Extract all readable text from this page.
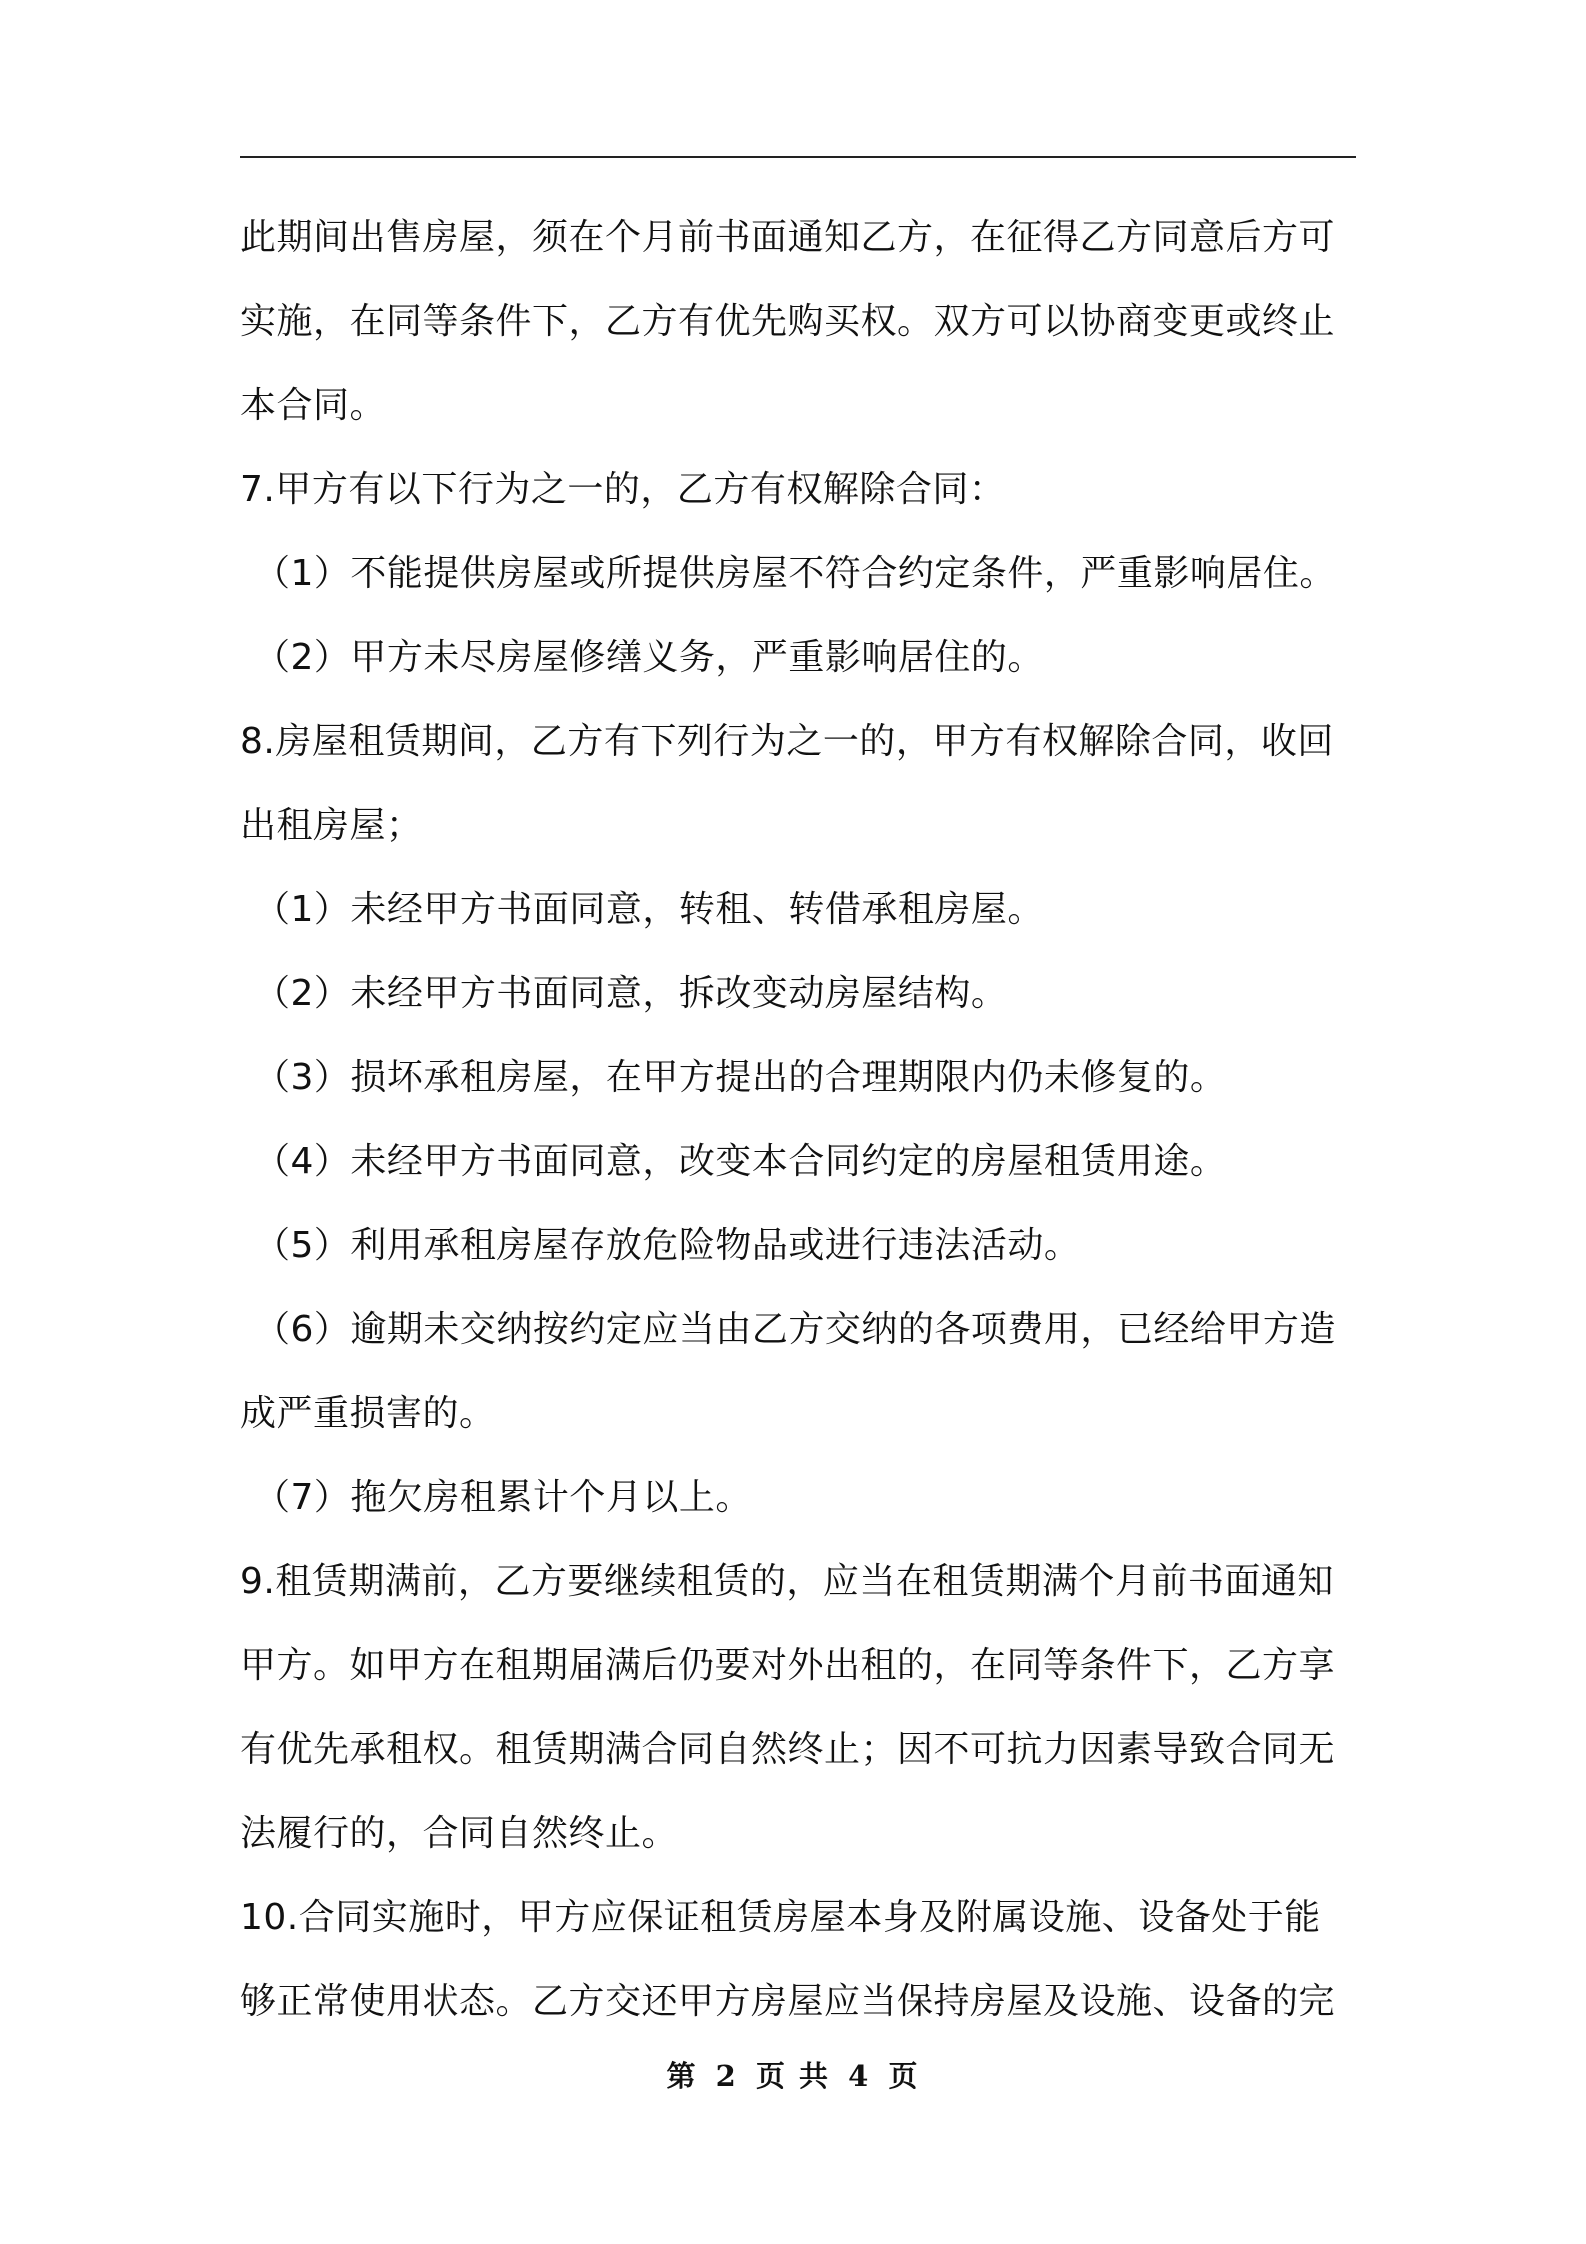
此期间出售房屋，须在个月前书面通知乙方，在征得乙方同意后方可
实施，在同等条件下，乙方有优先购买权。双方可以协商变更或终止
本合同。
7.甲方有以下行为之一的，乙方有权解除合同：
（1）不能提供房屋或所提供房屋不符合约定条件，严重影响居住。
（2）甲方未尽房屋修缮义务，严重影响居住的。
8.房屋租赁期间，乙方有下列行为之一的，甲方有权解除合同，收回
出租房屋；
（1）未经甲方书面同意，转租、转借承租房屋。
（2）未经甲方书面同意，拆改变动房屋结构。
（3）损坏承租房屋，在甲方提出的合理期限内仍未修复的。
（4）未经甲方书面同意，改变本合同约定的房屋租赁用途。
（5）利用承租房屋存放危险物品或进行违法活动。
（6）逾期未交纳按约定应当由乙方交纳的各项费用，已经给甲方造
成严重损害的。
（7）拖欠房租累计个月以上。
9.租赁期满前，乙方要继续租赁的，应当在租赁期满个月前书面通知
甲方。如甲方在租期届满后仍要对外出租的，在同等条件下，乙方享
有优先承租权。租赁期满合同自然终止；因不可抗力因素导致合同无
法履行的，合同自然终止。
10.合同实施时，甲方应保证租赁房屋本身及附属设施、设备处于能
够正常使用状态。乙方交还甲方房屋应当保持房屋及设施、设备的完
第 2 页 共 4 页
